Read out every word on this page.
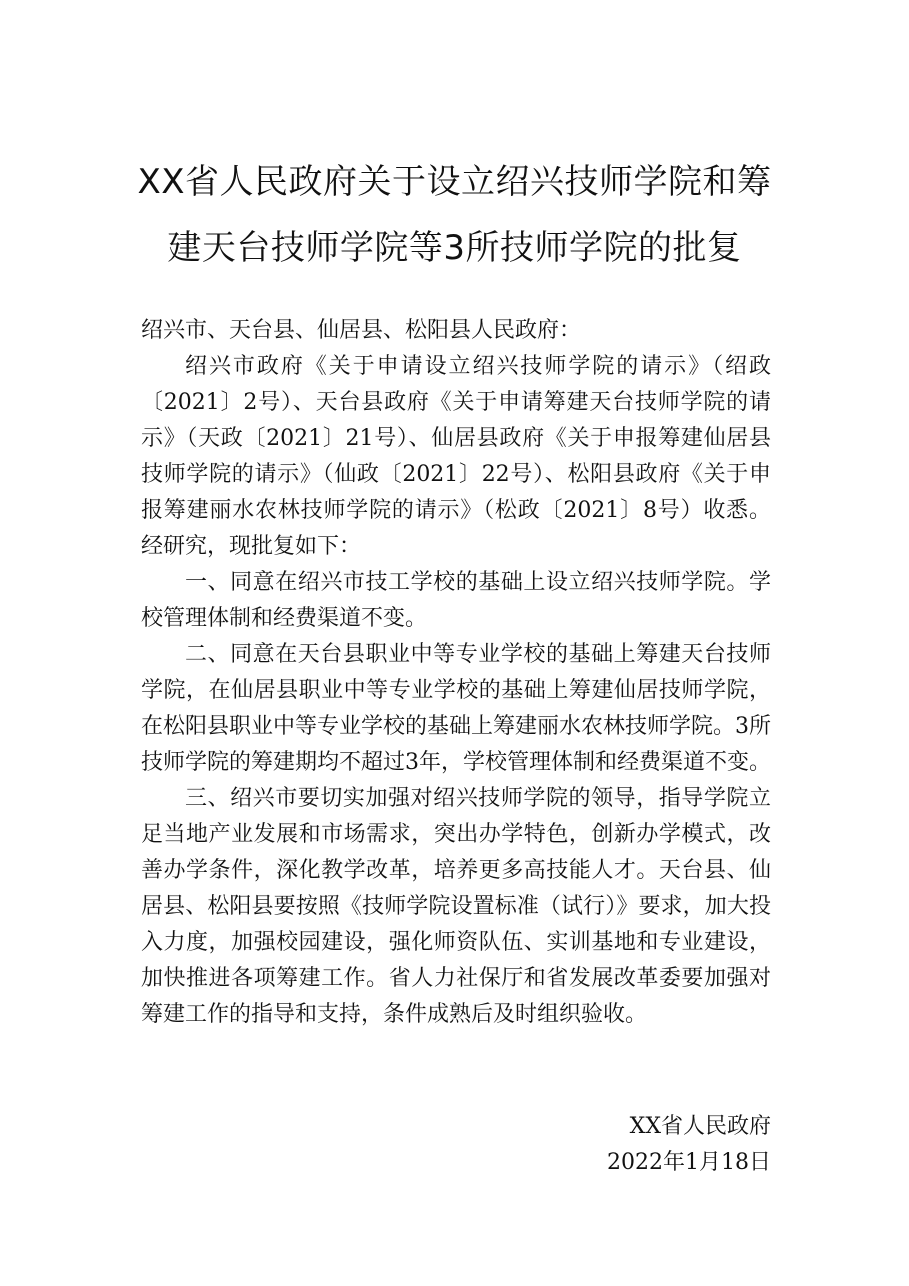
XX省人民政府关于设立绍兴技师学院和筹
建天台技师学院等3所技师学院的批复

绍兴市、天台县、仙居县、松阳县人民政府：

绍兴市政府《关于申请设立绍兴技师学院的请示》（绍政〔2021〕2号）、天台县政府《关于申请筹建天台技师学院的请示》（天政〔2021〕21号）、仙居县政府《关于申报筹建仙居县技师学院的请示》（仙政〔2021〕22号）、松阳县政府《关于申报筹建丽水农林技师学院的请示》（松政〔2021〕8号）收悉。经研究，现批复如下：

一、同意在绍兴市技工学校的基础上设立绍兴技师学院。学校管理体制和经费渠道不变。

二、同意在天台县职业中等专业学校的基础上筹建天台技师学院，在仙居县职业中等专业学校的基础上筹建仙居技师学院，在松阳县职业中等专业学校的基础上筹建丽水农林技师学院。3所技师学院的筹建期均不超过3年，学校管理体制和经费渠道不变。

三、绍兴市要切实加强对绍兴技师学院的领导，指导学院立足当地产业发展和市场需求，突出办学特色，创新办学模式，改善办学条件，深化教学改革，培养更多高技能人才。天台县、仙居县、松阳县要按照《技师学院设置标准（试行）》要求，加大投入力度，加强校园建设，强化师资队伍、实训基地和专业建设，加快推进各项筹建工作。省人力社保厅和省发展改革委要加强对筹建工作的指导和支持，条件成熟后及时组织验收。

XX省人民政府
2022年1月18日
